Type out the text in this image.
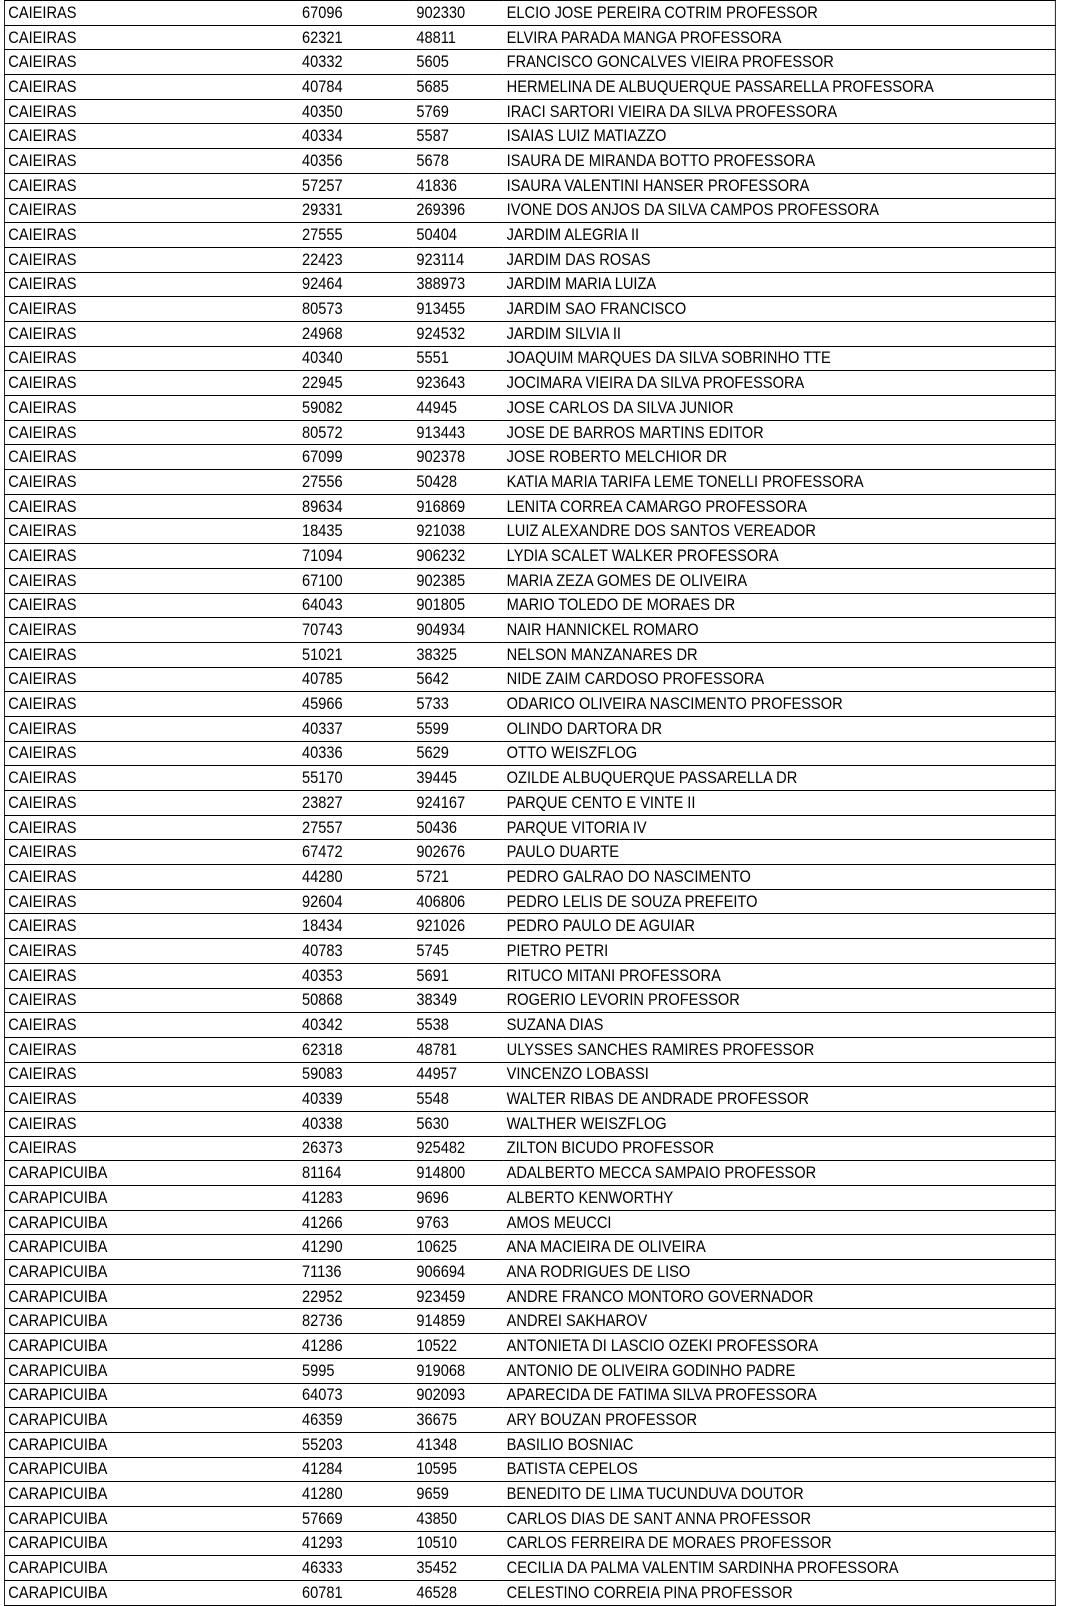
CAIEIRAS	67096	902330	ELCIO JOSE PEREIRA COTRIM PROFESSOR
CAIEIRAS	62321	48811	ELVIRA PARADA MANGA PROFESSORA
CAIEIRAS	40332	5605	FRANCISCO GONCALVES VIEIRA PROFESSOR
CAIEIRAS	40784	5685	HERMELINA DE ALBUQUERQUE PASSARELLA PROFESSORA
CAIEIRAS	40350	5769	IRACI SARTORI VIEIRA DA SILVA PROFESSORA
CAIEIRAS	40334	5587	ISAIAS LUIZ MATIAZZO
CAIEIRAS	40356	5678	ISAURA DE MIRANDA BOTTO PROFESSORA
CAIEIRAS	57257	41836	ISAURA VALENTINI HANSER PROFESSORA
CAIEIRAS	29331	269396	IVONE DOS ANJOS DA SILVA CAMPOS PROFESSORA
CAIEIRAS	27555	50404	JARDIM ALEGRIA II
CAIEIRAS	22423	923114	JARDIM DAS ROSAS
CAIEIRAS	92464	388973	JARDIM MARIA LUIZA
CAIEIRAS	80573	913455	JARDIM SAO FRANCISCO
CAIEIRAS	24968	924532	JARDIM SILVIA II
CAIEIRAS	40340	5551	JOAQUIM MARQUES DA SILVA SOBRINHO TTE
CAIEIRAS	22945	923643	JOCIMARA VIEIRA DA SILVA PROFESSORA
CAIEIRAS	59082	44945	JOSE CARLOS DA SILVA JUNIOR
CAIEIRAS	80572	913443	JOSE DE BARROS MARTINS EDITOR
CAIEIRAS	67099	902378	JOSE ROBERTO MELCHIOR DR
CAIEIRAS	27556	50428	KATIA MARIA TARIFA LEME TONELLI PROFESSORA
CAIEIRAS	89634	916869	LENITA CORREA CAMARGO PROFESSORA
CAIEIRAS	18435	921038	LUIZ ALEXANDRE DOS SANTOS VEREADOR
CAIEIRAS	71094	906232	LYDIA SCALET WALKER PROFESSORA
CAIEIRAS	67100	902385	MARIA ZEZA GOMES DE OLIVEIRA
CAIEIRAS	64043	901805	MARIO TOLEDO DE MORAES DR
CAIEIRAS	70743	904934	NAIR HANNICKEL ROMARO
CAIEIRAS	51021	38325	NELSON MANZANARES DR
CAIEIRAS	40785	5642	NIDE ZAIM CARDOSO PROFESSORA
CAIEIRAS	45966	5733	ODARICO OLIVEIRA NASCIMENTO PROFESSOR
CAIEIRAS	40337	5599	OLINDO DARTORA DR
CAIEIRAS	40336	5629	OTTO WEISZFLOG
CAIEIRAS	55170	39445	OZILDE ALBUQUERQUE PASSARELLA DR
CAIEIRAS	23827	924167	PARQUE CENTO E VINTE II
CAIEIRAS	27557	50436	PARQUE VITORIA IV
CAIEIRAS	67472	902676	PAULO DUARTE
CAIEIRAS	44280	5721	PEDRO GALRAO DO NASCIMENTO
CAIEIRAS	92604	406806	PEDRO LELIS DE SOUZA PREFEITO
CAIEIRAS	18434	921026	PEDRO PAULO DE AGUIAR
CAIEIRAS	40783	5745	PIETRO PETRI
CAIEIRAS	40353	5691	RITUCO MITANI PROFESSORA
CAIEIRAS	50868	38349	ROGERIO LEVORIN PROFESSOR
CAIEIRAS	40342	5538	SUZANA DIAS
CAIEIRAS	62318	48781	ULYSSES SANCHES RAMIRES PROFESSOR
CAIEIRAS	59083	44957	VINCENZO LOBASSI
CAIEIRAS	40339	5548	WALTER RIBAS DE ANDRADE PROFESSOR
CAIEIRAS	40338	5630	WALTHER WEISZFLOG
CAIEIRAS	26373	925482	ZILTON BICUDO PROFESSOR
CARAPICUIBA	81164	914800	ADALBERTO MECCA SAMPAIO PROFESSOR
CARAPICUIBA	41283	9696	ALBERTO KENWORTHY
CARAPICUIBA	41266	9763	AMOS MEUCCI
CARAPICUIBA	41290	10625	ANA MACIEIRA DE OLIVEIRA
CARAPICUIBA	71136	906694	ANA RODRIGUES DE LISO
CARAPICUIBA	22952	923459	ANDRE FRANCO MONTORO GOVERNADOR
CARAPICUIBA	82736	914859	ANDREI SAKHAROV
CARAPICUIBA	41286	10522	ANTONIETA DI LASCIO OZEKI PROFESSORA
CARAPICUIBA	5995	919068	ANTONIO DE OLIVEIRA GODINHO PADRE
CARAPICUIBA	64073	902093	APARECIDA DE FATIMA SILVA PROFESSORA
CARAPICUIBA	46359	36675	ARY BOUZAN PROFESSOR
CARAPICUIBA	55203	41348	BASILIO BOSNIAC
CARAPICUIBA	41284	10595	BATISTA CEPELOS
CARAPICUIBA	41280	9659	BENEDITO DE LIMA TUCUNDUVA DOUTOR
CARAPICUIBA	57669	43850	CARLOS DIAS DE SANT ANNA PROFESSOR
CARAPICUIBA	41293	10510	CARLOS FERREIRA DE MORAES PROFESSOR
CARAPICUIBA	46333	35452	CECILIA DA PALMA VALENTIM SARDINHA PROFESSORA
CARAPICUIBA	60781	46528	CELESTINO CORREIA PINA PROFESSOR
